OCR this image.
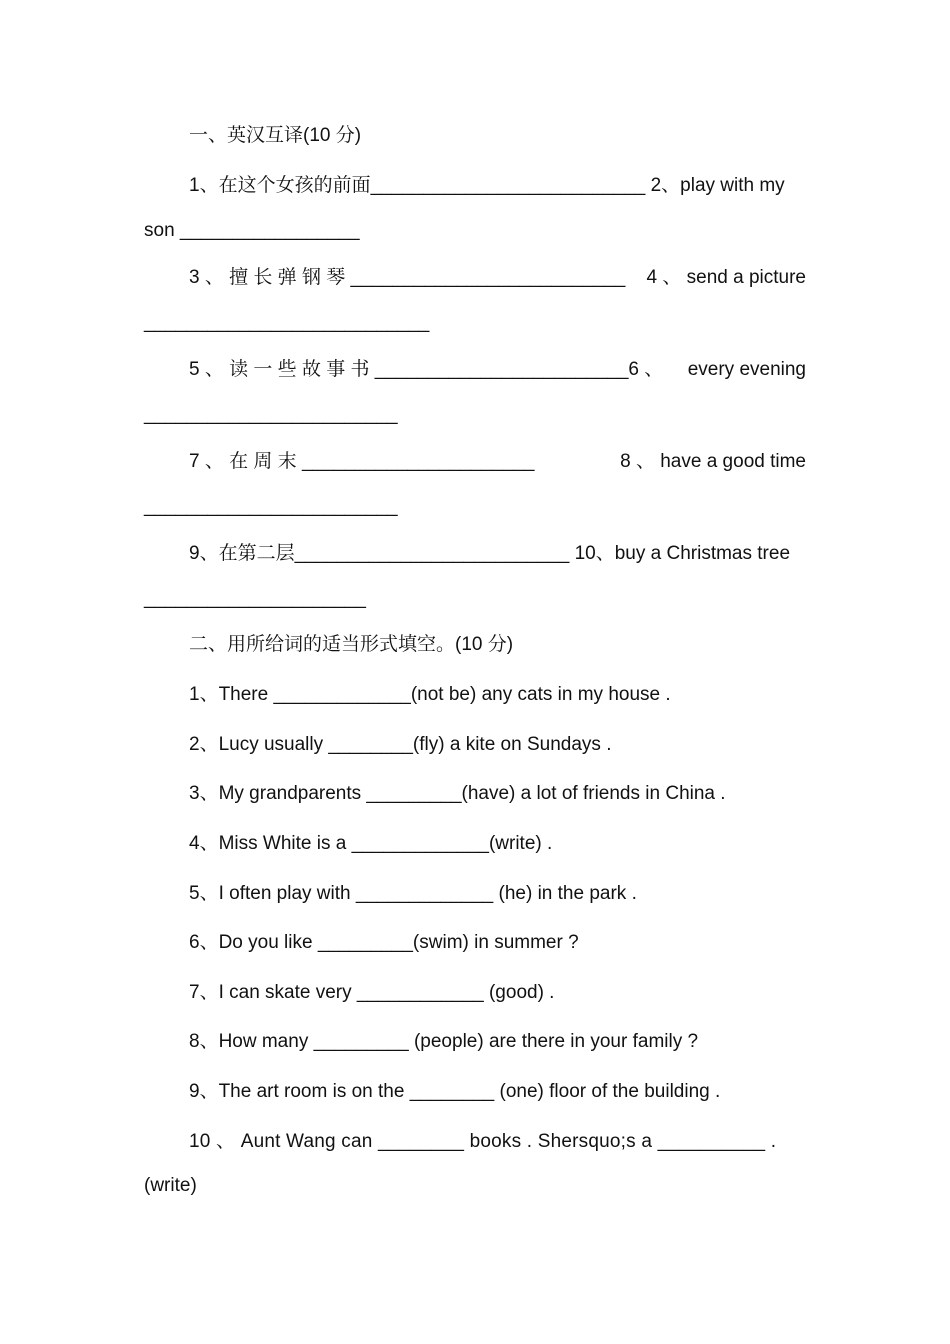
一、英汉互译(10 分)
1、在这个女孩的前面__________________________ 2、play with my
son _________________
3 、 擅 长 弹 钢 琴 __________________________ 4 、 send a picture
___________________________
5 、 读 一 些 故 事 书 ________________________6 、 every evening
________________________
7 、 在 周 末 ______________________	8 、 have a good time
________________________
9、在第二层__________________________ 10、buy a Christmas tree
_____________________
二、用所给词的适当形式填空。(10 分)
1、There _____________(not be) any cats in my house .
2、Lucy usually ________(fly) a kite on Sundays .
3、My grandparents _________(have) a lot of friends in China .
4、Miss White is a _____________(write) .
5、I often play with _____________ (he) in the park .
6、Do you like _________(swim) in summer ?
7、I can skate very ____________ (good) .
8、How many _________ (people) are there in your family ?
9、The art room is on the ________ (one) floor of the building .
10 、 Aunt Wang can ________ books . Shersquo;s a __________ .
(write)
